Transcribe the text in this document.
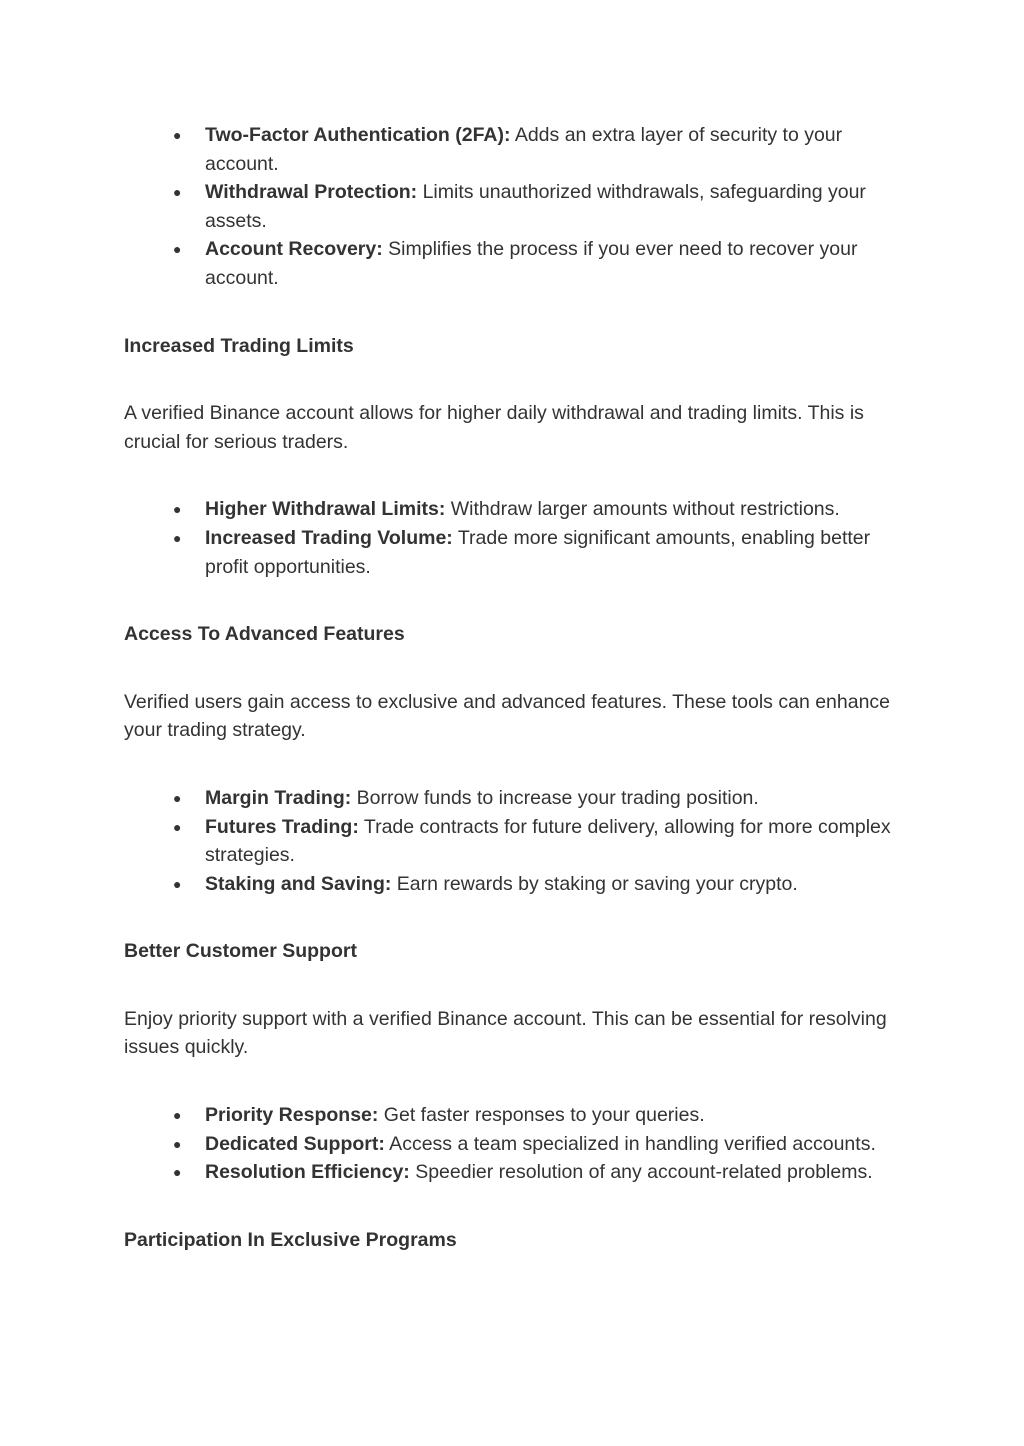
● Two-Factor Authentication (2FA): Adds an extra layer of security to your account.
● Withdrawal Protection: Limits unauthorized withdrawals, safeguarding your assets.
● Account Recovery: Simplifies the process if you ever need to recover your account.
Increased Trading Limits

A verified Binance account allows for higher daily withdrawal and trading limits. This is crucial for serious traders.

● Higher Withdrawal Limits: Withdraw larger amounts without restrictions.
● Increased Trading Volume: Trade more significant amounts, enabling better profit opportunities.
Access To Advanced Features

Verified users gain access to exclusive and advanced features. These tools can enhance your trading strategy.

● Margin Trading: Borrow funds to increase your trading position.
● Futures Trading: Trade contracts for future delivery, allowing for more complex strategies.
● Staking and Saving: Earn rewards by staking or saving your crypto.
Better Customer Support

Enjoy priority support with a verified Binance account. This can be essential for resolving issues quickly.

● Priority Response: Get faster responses to your queries.
● Dedicated Support: Access a team specialized in handling verified accounts.
● Resolution Efficiency: Speedier resolution of any account-related problems.
Participation In Exclusive Programs
